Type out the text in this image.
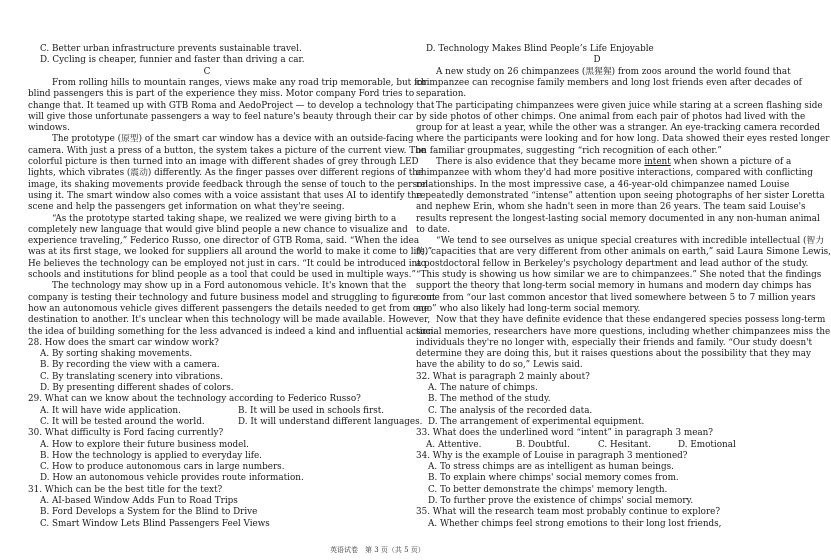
C. Better urban infrastructure prevents sustainable travel.
D. Cycling is cheaper, funnier and faster than driving a car.
C
From rolling hills to mountain ranges, views make any road trip memorable, but for
blind passengers this is part of the experience they miss. Motor company Ford tries to
change that. It teamed up with GTB Roma and AedoProject — to develop a technology that
will give those unfortunate passengers a way to feel nature's beauty through their car
windows.
The prototype (原型) of the smart car window has a device with an outside-facing
camera. With just a press of a button, the system takes a picture of the current view. The
colorful picture is then turned into an image with different shades of grey through LED
lights, which vibrates (震动) differently. As the finger passes over different regions of the
image, its shaking movements provide feedback through the sense of touch to the person
using it. The smart window also comes with a voice assistant that uses AI to identify the
scene and help the passengers get information on what they're seeing.
“As the prototype started taking shape, we realized we were giving birth to a
completely new language that would give blind people a new chance to visualize and
experience traveling,” Federico Russo, one director of GTB Roma, said. “When the idea
was at its first stage, we looked for suppliers all around the world to make it come to life.”
He believes the technology can be employed not just in cars. “It could be introduced into
schools and institutions for blind people as a tool that could be used in multiple ways.”
The technology may show up in a Ford autonomous vehicle. It's known that the
company is testing their technology and future business model and struggling to figure out
how an autonomous vehicle gives different passengers the details needed to get from one
destination to another. It's unclear when this technology will be made available. However,
the idea of building something for the less advanced is indeed a kind and influential action.
28. How does the smart car window work?
A. By sorting shaking movements.
B. By recording the view with a camera.
C. By translating scenery into vibrations.
D. By presenting different shades of colors.
29. What can we know about the technology according to Federico Russo?
A. It will have wide application.	B. It will be used in schools first.
C. It will be tested around the world.	D. It will understand different languages.
30. What difficulty is Ford facing currently?
A. How to explore their future business model.
B. How the technology is applied to everyday life.
C. How to produce autonomous cars in large numbers.
D. How an autonomous vehicle provides route information.
31. Which can be the best title for the text?
A. AI-based Window Adds Fun to Road Trips
B. Ford Develops a System for the Blind to Drive
C. Smart Window Lets Blind Passengers Feel Views
D. Technology Makes Blind People’s Life Enjoyable
D
A new study on 26 chimpanzees (黑猩猩) from zoos around the world found that
chimpanzee can recognise family members and long lost friends even after decades of
separation.
The participating chimpanzees were given juice while staring at a screen flashing side
by side photos of other chimps. One animal from each pair of photos had lived with the
group for at least a year, while the other was a stranger. An eye-tracking camera recorded
where the participants were looking and for how long. Data showed their eyes rested longer
on familiar groupmates, suggesting “rich recognition of each other.”
There is also evidence that they became more intent when shown a picture of a
chimpanzee with whom they'd had more positive interactions, compared with conflicting
relationships. In the most impressive case, a 46-year-old chimpanzee named Louise
repeatedly demonstrated “intense” attention upon seeing photographs of her sister Loretta
and nephew Erin, whom she hadn't seen in more than 26 years. The team said Louise's
results represent the longest-lasting social memory documented in any non-human animal
to date.
“We tend to see ourselves as unique special creatures with incredible intellectual (智力
的) capacities that are very different from other animals on earth,” said Laura Simone Lewis,
a postdoctoral fellow in Berkeley's psychology department and lead author of the study.
“This study is showing us how similar we are to chimpanzees.” She noted that the findings
support the theory that long-term social memory in humans and modern day chimps has
come from “our last common ancestor that lived somewhere between 5 to 7 million years
ago” who also likely had long-term social memory.
Now that they have definite evidence that these endangered species possess long-term
social memories, researchers have more questions, including whether chimpanzees miss the
individuals they're no longer with, especially their friends and family. “Our study doesn't
determine they are doing this, but it raises questions about the possibility that they may
have the ability to do so,” Lewis said.
32. What is paragraph 2 mainly about?
A. The nature of chimps.
B. The method of the study.
C. The analysis of the recorded data.
D. The arrangement of experimental equipment.
33. What does the underlined word “intent” in paragraph 3 mean?
A. Attentive.	B. Doubtful.	C. Hesitant.	D. Emotional
34. Why is the example of Louise in paragraph 3 mentioned?
A. To stress chimps are as intelligent as human beings.
B. To explain where chimps' social memory comes from.
C. To better demonstrate the chimps' memory length.
D. To further prove the existence of chimps' social memory.
35. What will the research team most probably continue to explore?
A. Whether chimps feel strong emotions to their long lost friends,
英语试卷　第 3 页（共 5 页）
